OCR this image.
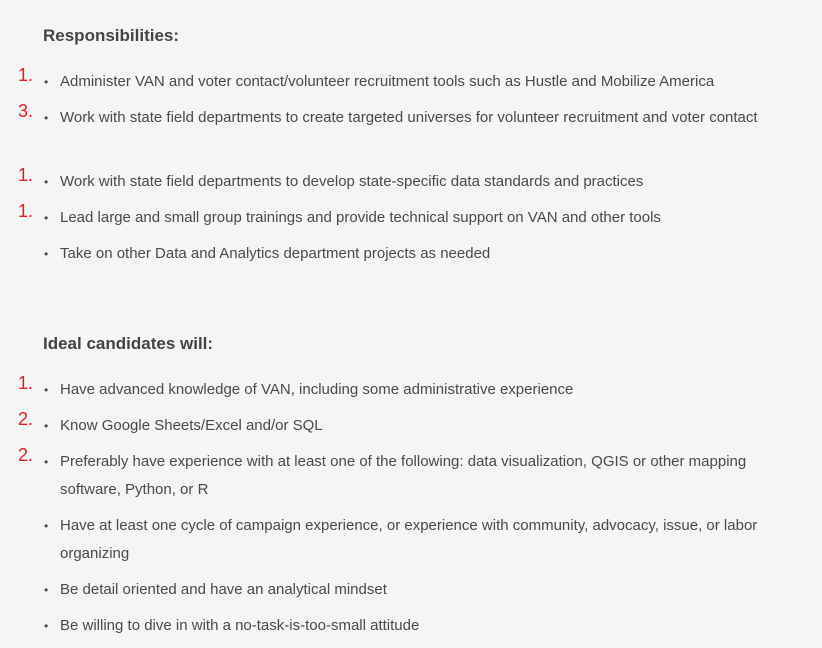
Responsibilities:
1. • Administer VAN and voter contact/volunteer recruitment tools such as Hustle and Mobilize America
3. • Work with state field departments to create targeted universes for volunteer recruitment and voter contact
1. • Work with state field departments to develop state-specific data standards and practices
1. • Lead large and small group trainings and provide technical support on VAN and other tools
• Take on other Data and Analytics department projects as needed
Ideal candidates will:
1. • Have advanced knowledge of VAN, including some administrative experience
2. • Know Google Sheets/Excel and/or SQL
2. • Preferably have experience with at least one of the following: data visualization, QGIS or other mapping software, Python, or R
• Have at least one cycle of campaign experience, or experience with community, advocacy, issue, or labor organizing
• Be detail oriented and have an analytical mindset
• Be willing to dive in with a no-task-is-too-small attitude
